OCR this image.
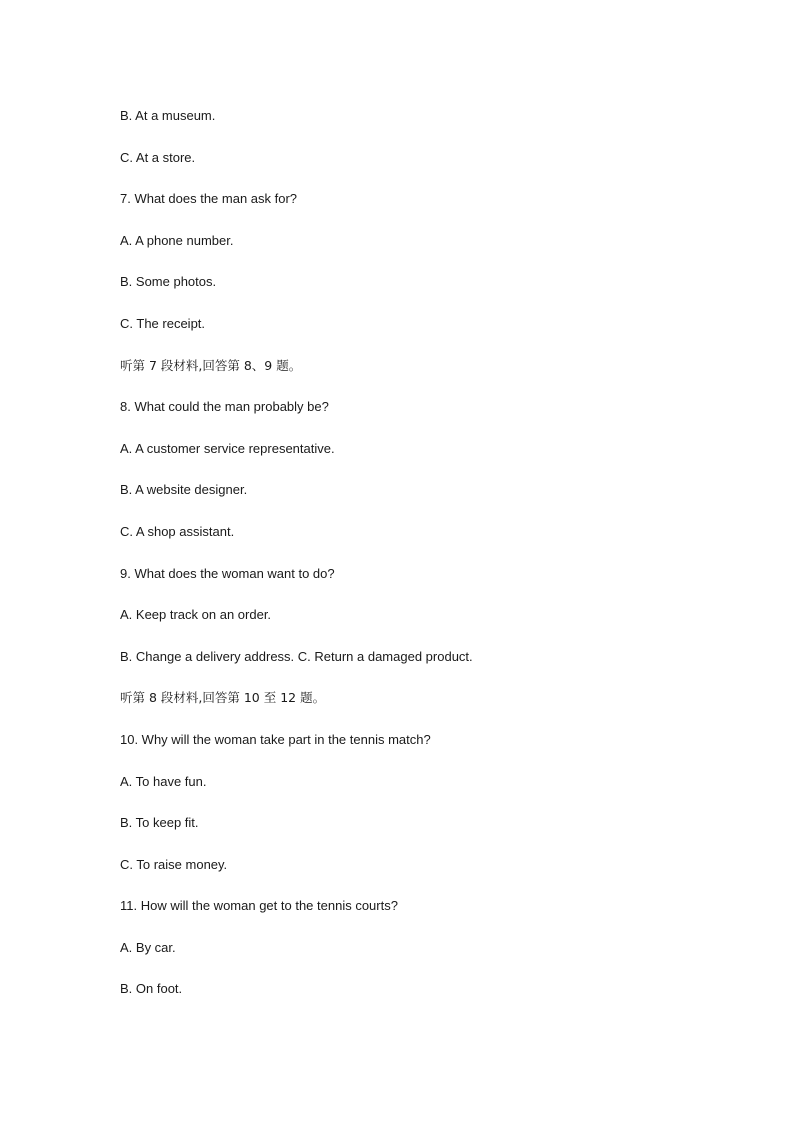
B. At a museum.
C. At a store.
7. What does the man ask for?
A. A phone number.
B. Some photos.
C. The receipt.
听第 7 段材料,回答第 8、9 题。
8. What could the man probably be?
A. A customer service representative.
B. A website designer.
C. A shop assistant.
9. What does the woman want to do?
A. Keep track on an order.
B. Change a delivery address. C. Return a damaged product.
听第 8 段材料,回答第 10 至 12 题。
10. Why will the woman take part in the tennis match?
A. To have fun.
B. To keep fit.
C. To raise money.
11. How will the woman get to the tennis courts?
A. By car.
B. On foot.
